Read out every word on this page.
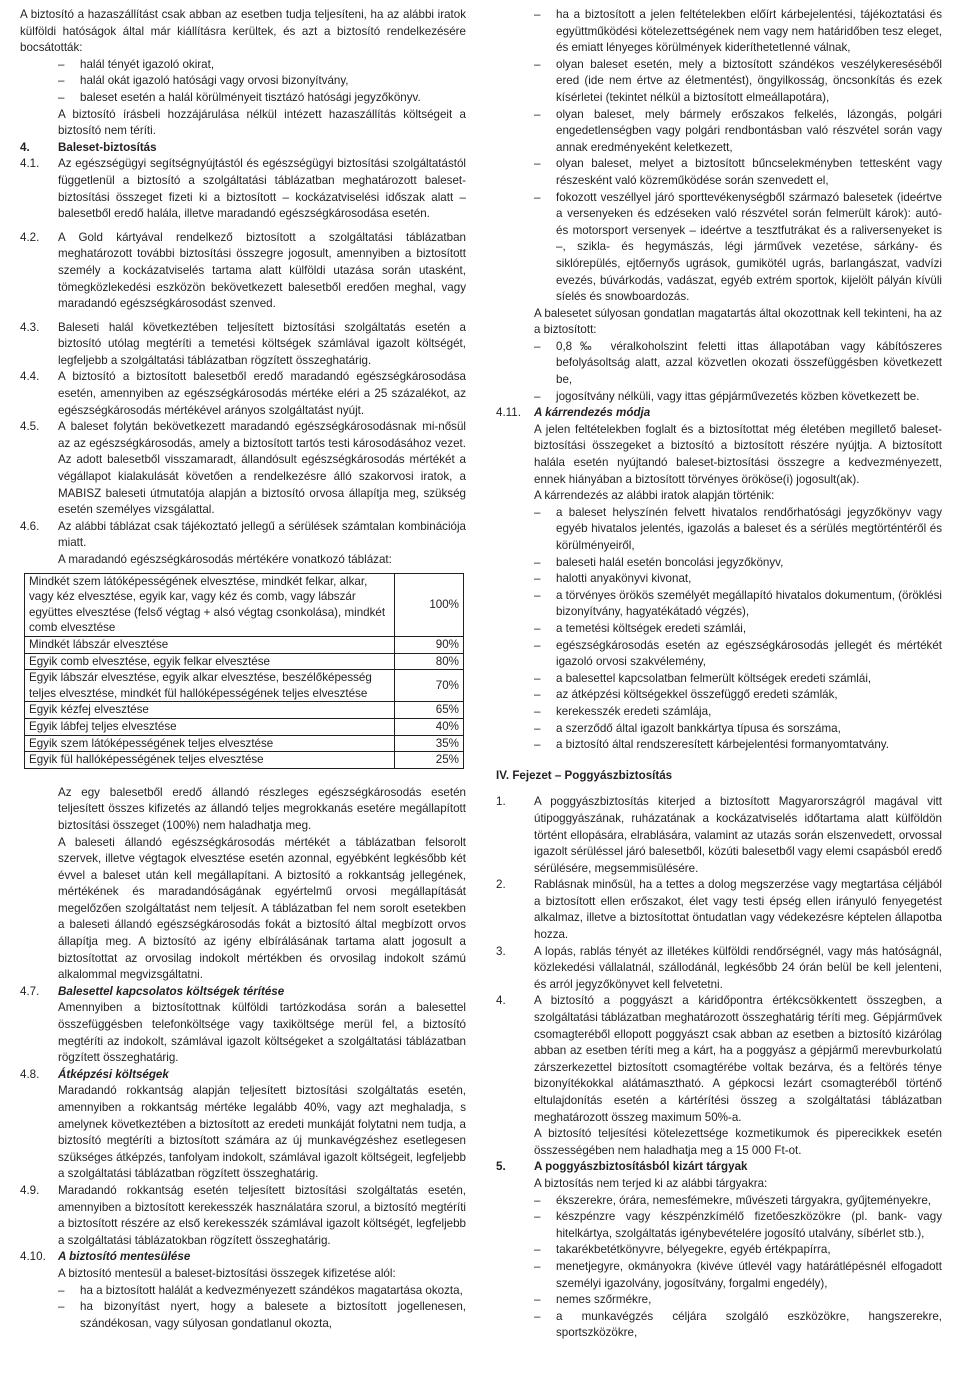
A biztosító a hazaszállítást csak abban az esetben tudja teljesíteni, ha az alábbi iratok külföldi hatóságok által már kiállításra kerültek, és azt a biztosító rendelkezésére bocsátották:

– halál tényét igazoló okirat,

– halál okát igazoló hatósági vagy orvosi bizonyítvány,

– baleset esetén a halál körülményeit tisztázó hatósági jegyzőkönyv.

A biztosító írásbeli hozzájárulása nélkül intézett hazaszállítás költségeit a biztosító nem téríti.

4.	Baleset-biztosítás
4.1.	Az egészségügyi segítségnyújtástól és egészségügyi biztosítási szolgáltatástól függetlenül a biztosító a szolgáltatási táblázatban meghatározott baleset-biztosítási összeget fizeti ki a biztosított – kockázatviselési időszak alatt – balesetből eredő halála, illetve maradandó egészségkárosodása esetén.
4.2.	A Gold kártyával rendelkező biztosított a szolgáltatási táblázatban meghatározott további biztosítási összegre jogosult, amennyiben a biztosított személy a kockázatviselés tartama alatt külföldi utazása során utasként, tömegközlekedési eszközön bekövetkezett balesetből eredően meghal, vagy maradandó egészségkárosodást szenved.
4.3.	Baleseti halál következtében teljesített biztosítási szolgáltatás esetén a biztosító utólag megtéríti a temetési költségek számlával igazolt költségét, legfeljebb a szolgáltatási táblázatban rögzített összeghatárig.
4.4.	A biztosító a biztosított balesetből eredő maradandó egészségkárosodása esetén, amennyiben az egészségkárosodás mértéke eléri a 25 százalékot, az egészségkárosodás mértékével arányos szolgáltatást nyújt.
4.5.	A baleset folytán bekövetkezett maradandó egészségkárosodásnak mi-nősül az az egészségkárosodás, amely a biztosított tartós testi károsodásához vezet. Az adott balesetből visszamaradt, állandósult egészségkárosodás mértékét a végállapot kialakulását követően a rendelkezésre álló szakorvosi iratok, a MABISZ baleseti útmutatója alapján a biztosító orvosa állapítja meg, szükség esetén személyes vizsgálattal.
4.6.	Az alábbi táblázat csak tájékoztató jellegű a sérülések számtalan kombinációja miatt.

A maradandó egészségkárosodás mértékére vonatkozó táblázat:

Mindkét szem látóképességének elvesztése, mindkét felkar, alkar, vagy kéz elvesztése, egyik kar, vagy kéz és comb, vagy lábszár együttes elvesztése (felső végtag + alsó végtag csonkolása), mindkét comb elvesztése	100%
Mindkét lábszár elvesztése	90%
Egyik comb elvesztése, egyik felkar elvesztése	80%
Egyik lábszár elvesztése, egyik alkar elvesztése, beszélőképesség teljes elvesztése, mindkét fül hallóképességének teljes elvesztése	70%
Egyik kézfej elvesztése	65%
Egyik lábfej teljes elvesztése	40%
Egyik szem látóképességének teljes elvesztése	35%
Egyik fül hallóképességének teljes elvesztése	25%

Az egy balesetből eredő állandó részleges egészségkárosodás esetén teljesített összes kifizetés az állandó teljes megrokkanás esetére megállapított biztosítási összeget (100%) nem haladhatja meg.

A baleseti állandó egészségkárosodás mértékét a táblázatban felsorolt szervek, illetve végtagok elvesztése esetén azonnal, egyébként legkésőbb két évvel a baleset után kell megállapítani. A biztosító a rokkantság jellegének, mértékének és maradandóságának egyértelmű orvosi megállapítását megelőzően szolgáltatást nem teljesít. A táblázatban fel nem sorolt esetekben a baleseti állandó egészségkárosodás fokát a biztosító által megbízott orvos állapítja meg. A biztosító az igény elbírálásának tartama alatt jogosult a biztosítottat az orvosilag indokolt mértékben és orvosilag indokolt számú alkalommal megvizsgáltatni.

4.7.	Balesettel kapcsolatos költségek térítése

Amennyiben a biztosítottnak külföldi tartózkodása során a balesettel összefüggésben telefonköltsége vagy taxiköltsége merül fel, a biztosító megtéríti az indokolt, számlával igazolt költségeket a szolgáltatási táblázatban rögzített összeghatárig.

4.8.	Átképzési költségek

Maradandó rokkantság alapján teljesített biztosítási szolgáltatás esetén, amennyiben a rokkantság mértéke legalább 40%, vagy azt meghaladja, s amelynek következtében a biztosított az eredeti munkáját folytatni nem tudja, a biztosító megtéríti a biztosított számára az új munkavégzéshez esetlegesen szükséges átképzés, tanfolyam indokolt, számlával igazolt költségeit, legfeljebb a szolgáltatási táblázatban rögzített összeghatárig.

4.9.	Maradandó rokkantság esetén teljesített biztosítási szolgáltatás esetén, amennyiben a biztosított kerekesszék használatára szorul, a biztosító megtéríti a biztosított részére az első kerekesszék számlával igazolt költségét, legfeljebb a szolgáltatási táblázatokban rögzített összeghatárig.
4.10.	A biztosító mentesülése

A biztosító mentesül a baleset-biztosítási összegek kifizetése alól:

– ha a biztosított halálát a kedvezményezett szándékos magatartása okozta,

– ha bizonyítást nyert, hogy a balesete a biztosított jogellenesen, szándékosan, vagy súlyosan gondatlanul okozta,

– ha a biztosított a jelen feltételekben előírt kárbejelentési, tájékoztatási és együttműködési kötelezettségének nem vagy nem határidőben tesz eleget, és emiatt lényeges körülmények kideríthetetlenné válnak,

– olyan baleset esetén, mely a biztosított szándékos veszélykereséséből ered (ide nem értve az életmentést), öngyilkosság, öncsonkítás és ezek kísérletei (tekintet nélkül a biztosított elmeállapotára),

– olyan baleset, mely bármely erőszakos felkelés, lázongás, polgári engedetlenségben vagy polgári rendbontásban való részvétel során vagy annak eredményeként keletkezett,

– olyan baleset, melyet a biztosított bűncselekményben tettesként vagy részesként való közreműködése során szenvedett el,

– fokozott veszéllyel járó sporttevékenységből származó balesetek (ideértve a versenyeken és edzéseken való részvétel során felmerült károk): autó- és motorsport versenyek – ideértve a tesztfutrákat és a raliversenyeket is –, szikla- és hegymászás, légi járművek vezetése, sárkány- és siklórepülés, ejtőernyős ugrások, gumikötél ugrás, barlangászat, vadvízi evezés, búvárkodás, vadászat, egyéb extrém sportok, kijelölt pályán kívüli síelés és snowboardozás.

A balesetet súlyosan gondatlan magatartás által okozottnak kell tekinteni, ha az a biztosított:

– 0,8‰ véralkoholszint feletti ittas állapotában vagy kábítószeres befolyásoltság alatt, azzal közvetlen okozati összefüggésben következett be,

– jogosítvány nélküli, vagy ittas gépjárművezetés közben következett be.

4.11.	A kárrendezés módja

A jelen feltételekben foglalt és a biztosítottat még életében megillető baleset-biztosítási összegeket a biztosító a biztosított részére nyújtja. A biztosított halála esetén nyújtandó baleset-biztosítási összegre a kedvezményezett, ennek hiányában a biztosított törvényes örököse(i) jogosult(ak).

A kárrendezés az alábbi iratok alapján történik:

– a baleset helyszínén felvett hivatalos rendőrhatósági jegyzőkönyv vagy egyéb hivatalos jelentés, igazolás a baleset és a sérülés megtörténtéről és körülményeiről,

– baleseti halál esetén boncolási jegyzőkönyv,

– halotti anyakönyvi kivonat,

– a törvényes örökös személyét megállapító hivatalos dokumentum, (öröklési bizonyítvány, hagyatékátadó végzés),

– a temetési költségek eredeti számlái,

– egészségkárosodás esetén az egészségkárosodás jellegét és mértékét igazoló orvosi szakvélemény,

– a balesettel kapcsolatban felmerült költségek eredeti számlái,

– az átképzési költségekkel összefüggő eredeti számlák,

– kerekesszék eredeti számlája,

– a szerződő által igazolt bankkártya típusa és sorszáma,

– a biztosító által rendszeresített kárbejelentési formanyomtatvány.

IV. Fejezet – Poggyászbiztosítás

1.	A poggyászbiztosítás kiterjed a biztosított Magyarországról magával vitt útipoggyászának, ruházatának a kockázatviselés időtartama alatt külföldön történt ellopására, elrablására, valamint az utazás során elszenvedett, orvossal igazolt sérüléssel járó balesetből, közúti balesetből vagy elemi csapásból eredő sérülésére, megsemmisülésére.
2.	Rablásnak minősül, ha a tettes a dolog megszerzése vagy megtartása céljából a biztosított ellen erőszakot, élet vagy testi épség ellen irányuló fenyegetést alkalmaz, illetve a biztosítottat öntudatlan vagy védekezésre képtelen állapotba hozza.
3.	A lopás, rablás tényét az illetékes külföldi rendőrségnél, vagy más hatóságnál, közlekedési vállalatnál, szállodánál, legkésőbb 24 órán belül be kell jelenteni, és arról jegyzőkönyvet kell felvetetni.
4.	A biztosító a poggyászt a káridőpontra értékcsökkentett összegben, a szolgáltatási táblázatban meghatározott összeghatárig téríti meg. Gépjárművek csomagteréből ellopott poggyászt csak abban az esetben a biztosító kizárólag abban az esetben téríti meg a kárt, ha a poggyász a gépjármű merevburkolatú zárszerkezettel biztosított csomagtérébe voltak bezárva, és a feltörés ténye bizonyítékokkal alátámasztható. A gépkocsi lezárt csomagteréből történő eltulajdonítás esetén a kártérítési összeg a szolgáltatási táblázatban meghatározott összeg maximum 50%-a.

A biztosító teljesítési kötelezettsége kozmetikumok és piperecikkek esetén összességében nem haladhatja meg a 15 000 Ft-ot.

5.	A poggyászbiztosításból kizárt tárgyak

A biztosítás nem terjed ki az alábbi tárgyakra:

– ékszerekre, órára, nemesfémekre, művészeti tárgyakra, gyűjteményekre,

– készpénzre vagy készpénzkímélő fizetőeszközökre (pl. bank- vagy hitelkártya, szolgáltatás igénybevételére jogosító utalvány, síbérlet stb.),

– takarékbetétkönyvre, bélyegekre, egyéb értékpapírra,

– menetjegyre, okmányokra (kivéve útlevél vagy határátlépésnél elfogadott személyi igazolvány, jogosítvány, forgalmi engedély),

– nemes szőrmékre,

– a munkavégzés céljára szolgáló eszközökre, hangszerekre, sportszközökre,
